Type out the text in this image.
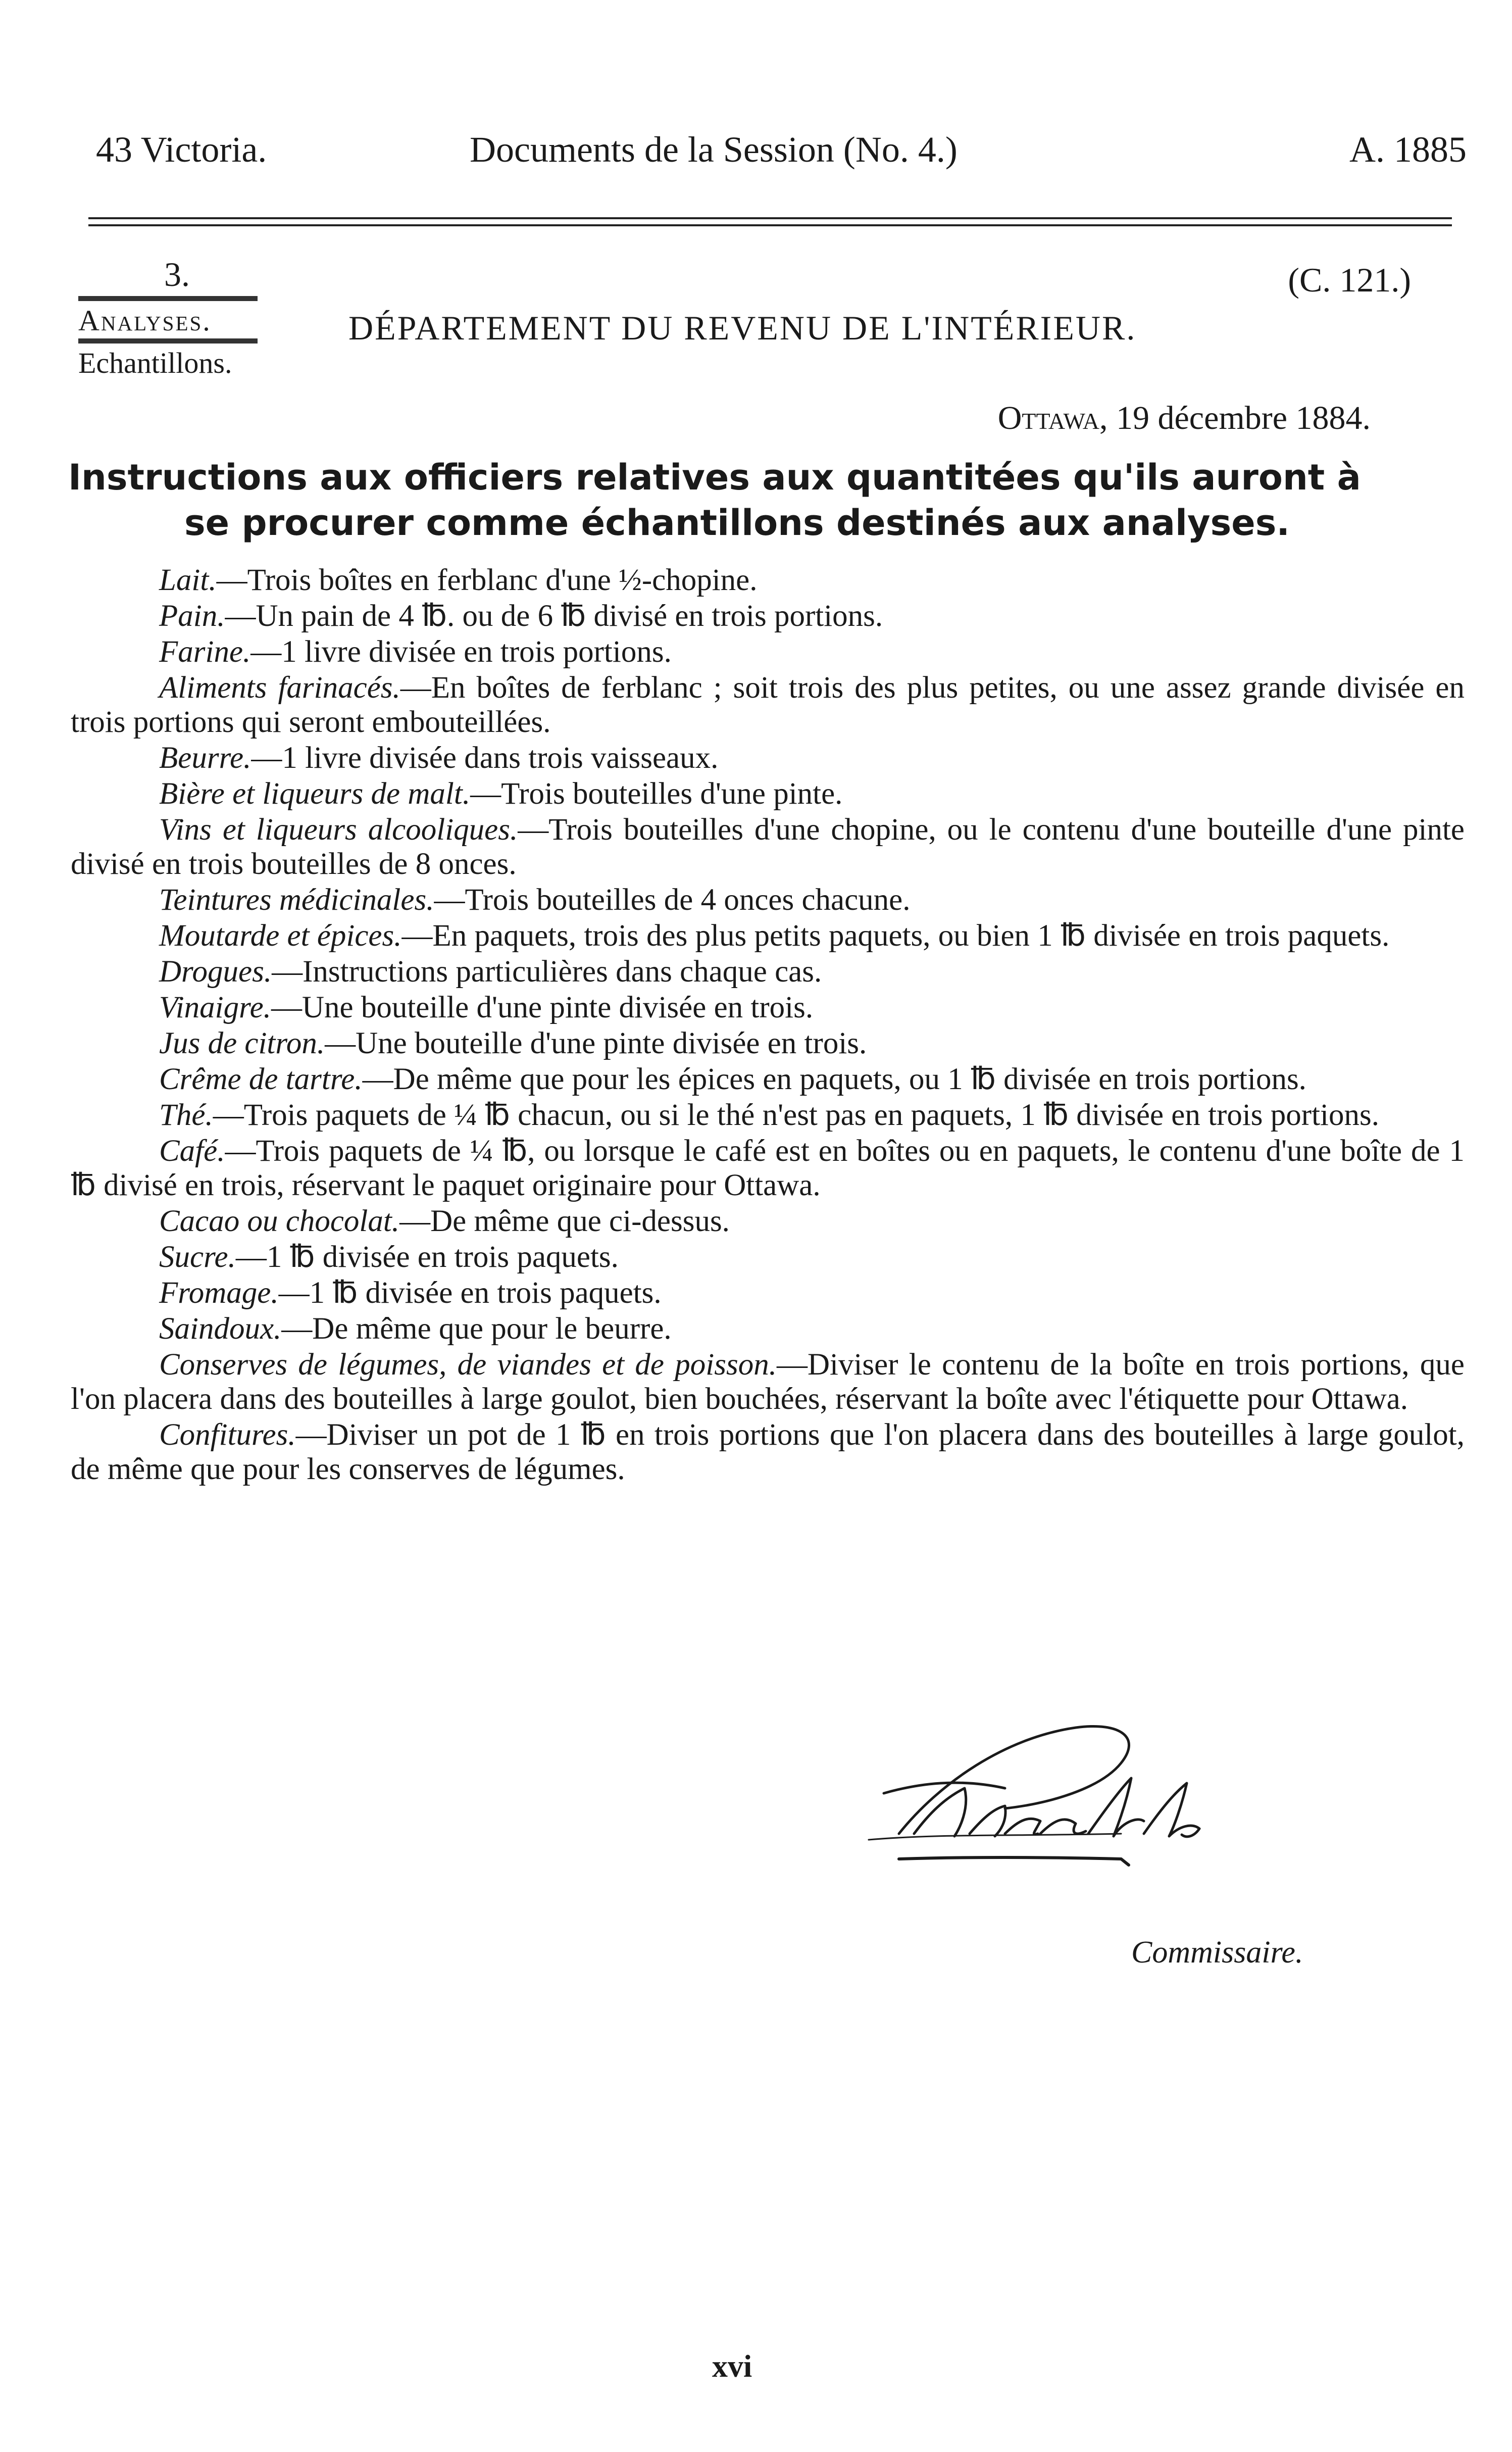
43 Victoria.	Documents de la Session (No. 4.)	A. 1885
3.
Analyses.
Echantillons.
(C. 121.)
DÉPARTEMENT DU REVENU DE L'INTÉRIEUR.
Ottawa, 19 décembre 1884.
Instructions aux officiers relatives aux quantitées qu'ils auront à
se procurer comme échantillons destinés aux analyses.

Lait.—Trois boîtes en ferblanc d'une ½-chopine.

Pain.—Un pain de 4 ℔. ou de 6 ℔ divisé en trois portions.

Farine.—1 livre divisée en trois portions.

Aliments farinacés.—En boîtes de ferblanc ; soit trois des plus petites, ou une assez grande divisée en trois portions qui seront embouteillées.

Beurre.—1 livre divisée dans trois vaisseaux.

Bière et liqueurs de malt.—Trois bouteilles d'une pinte.

Vins et liqueurs alcooliques.—Trois bouteilles d'une chopine, ou le contenu d'une bouteille d'une pinte divisé en trois bouteilles de 8 onces.

Teintures médicinales.—Trois bouteilles de 4 onces chacune.

Moutarde et épices.—En paquets, trois des plus petits paquets, ou bien 1 ℔ divisée en trois paquets.

Drogues.—Instructions particulières dans chaque cas.

Vinaigre.—Une bouteille d'une pinte divisée en trois.

Jus de citron.—Une bouteille d'une pinte divisée en trois.

Crême de tartre.—De même que pour les épices en paquets, ou 1 ℔ divisée en trois portions.

Thé.—Trois paquets de ¼ ℔ chacun, ou si le thé n'est pas en paquets, 1 ℔ divisée en trois portions.

Café.—Trois paquets de ¼ ℔, ou lorsque le café est en boîtes ou en paquets, le contenu d'une boîte de 1 ℔ divisé en trois, réservant le paquet originaire pour Ottawa.

Cacao ou chocolat.—De même que ci-dessus.

Sucre.—1 ℔ divisée en trois paquets.

Fromage.—1 ℔ divisée en trois paquets.

Saindoux.—De même que pour le beurre.

Conserves de légumes, de viandes et de poisson.—Diviser le contenu de la boîte en trois portions, que l'on placera dans des bouteilles à large goulot, bien bouchées, réservant la boîte avec l'étiquette pour Ottawa.

Confitures.—Diviser un pot de 1 ℔ en trois portions que l'on placera dans des bouteilles à large goulot, de même que pour les conserves de légumes.

Commissaire.
xvi
